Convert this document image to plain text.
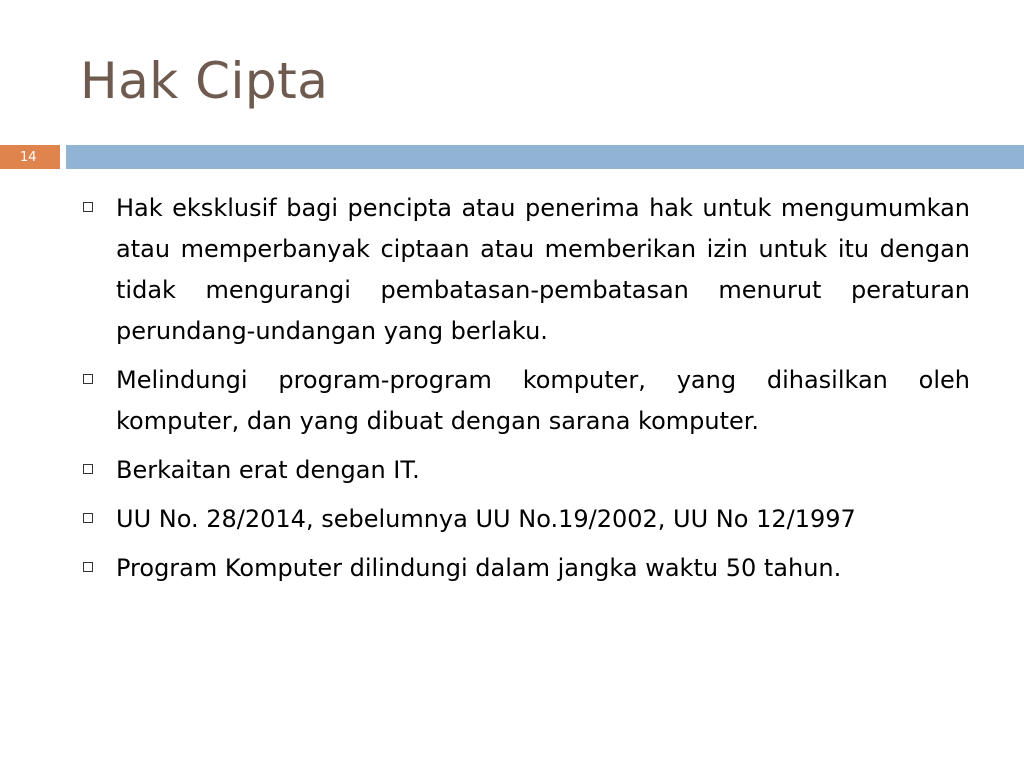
Hak Cipta
14
Hak eksklusif bagi pencipta atau penerima hak untuk mengumumkan atau memperbanyak ciptaan atau memberikan izin untuk itu dengan tidak mengurangi pembatasan-pembatasan menurut peraturan perundang-undangan yang berlaku.
Melindungi program-program komputer, yang dihasilkan oleh komputer, dan yang dibuat dengan sarana komputer.
Berkaitan erat dengan IT.
UU No. 28/2014, sebelumnya UU No.19/2002, UU No 12/1997
Program Komputer dilindungi dalam jangka waktu 50 tahun.
